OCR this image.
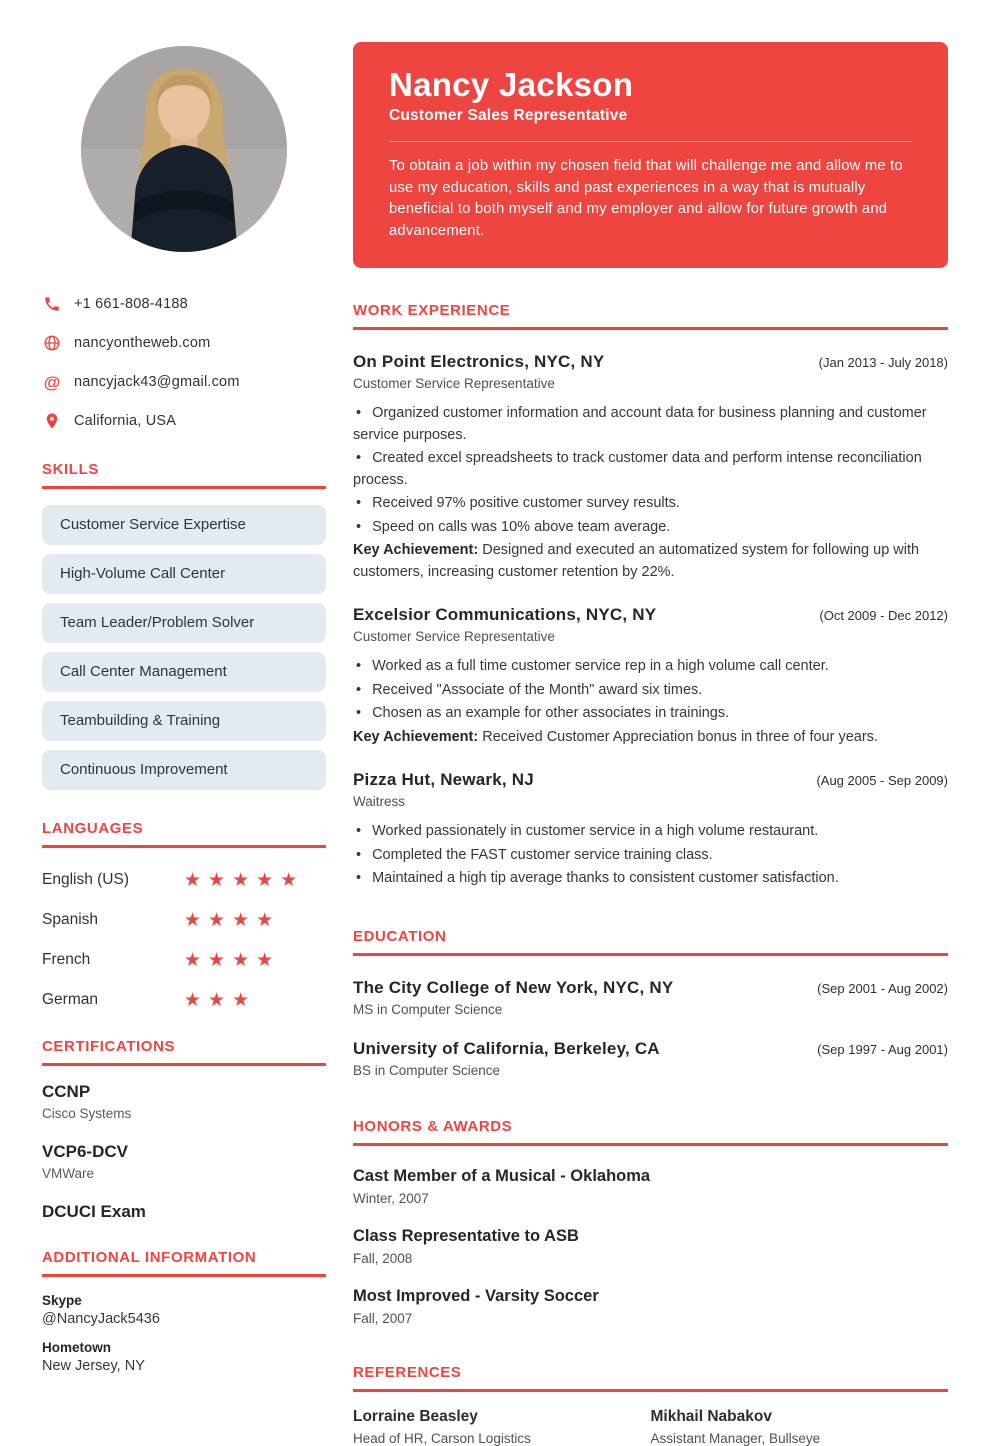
+1 661-808-4188
nancyontheweb.com
@
nancyjack43@gmail.com
California, USA
SKILLS
Customer Service Expertise
High-Volume Call Center
Team Leader/Problem Solver
Call Center Management
Teambuilding & Training
Continuous Improvement
LANGUAGES
English (US)	★★★★★
Spanish	★★★★
French	★★★★
German	★★★
CERTIFICATIONS
CCNP
Cisco Systems
VCP6-DCV
VMWare
DCUCI Exam
ADDITIONAL INFORMATION
Skype
@NancyJack5436
Hometown
New Jersey, NY
Nancy Jackson
Customer Sales Representative
To obtain a job within my chosen field that will challenge me and allow me to use my education, skills and past experiences in a way that is mutually beneficial to both myself and my employer and allow for future growth and advancement.
WORK EXPERIENCE
On Point Electronics, NYC, NY	(Jan 2013 - July 2018)
Customer Service Representative
• Organized customer information and account data for business planning and customer service purposes.
• Created excel spreadsheets to track customer data and perform intense reconciliation process.
• Received 97% positive customer survey results.
• Speed on calls was 10% above team average.
Key Achievement: Designed and executed an automatized system for following up with customers, increasing customer retention by 22%.
Excelsior Communications, NYC, NY	(Oct 2009 - Dec 2012)
Customer Service Representative
• Worked as a full time customer service rep in a high volume call center.
• Received "Associate of the Month" award six times.
• Chosen as an example for other associates in trainings.
Key Achievement: Received Customer Appreciation bonus in three of four years.
Pizza Hut, Newark, NJ	(Aug 2005 - Sep 2009)
Waitress
• Worked passionately in customer service in a high volume restaurant.
• Completed the FAST customer service training class.
• Maintained a high tip average thanks to consistent customer satisfaction.
EDUCATION
The City College of New York, NYC, NY	(Sep 2001 - Aug 2002)
MS in Computer Science
University of California, Berkeley, CA	(Sep 1997 - Aug 2001)
BS in Computer Science
HONORS & AWARDS
Cast Member of a Musical - Oklahoma
Winter, 2007
Class Representative to ASB
Fall, 2008
Most Improved - Varsity Soccer
Fall, 2007
REFERENCES
Lorraine Beasley
Head of HR, Carson Logistics
Mikhail Nabakov
Assistant Manager, Bullseye
